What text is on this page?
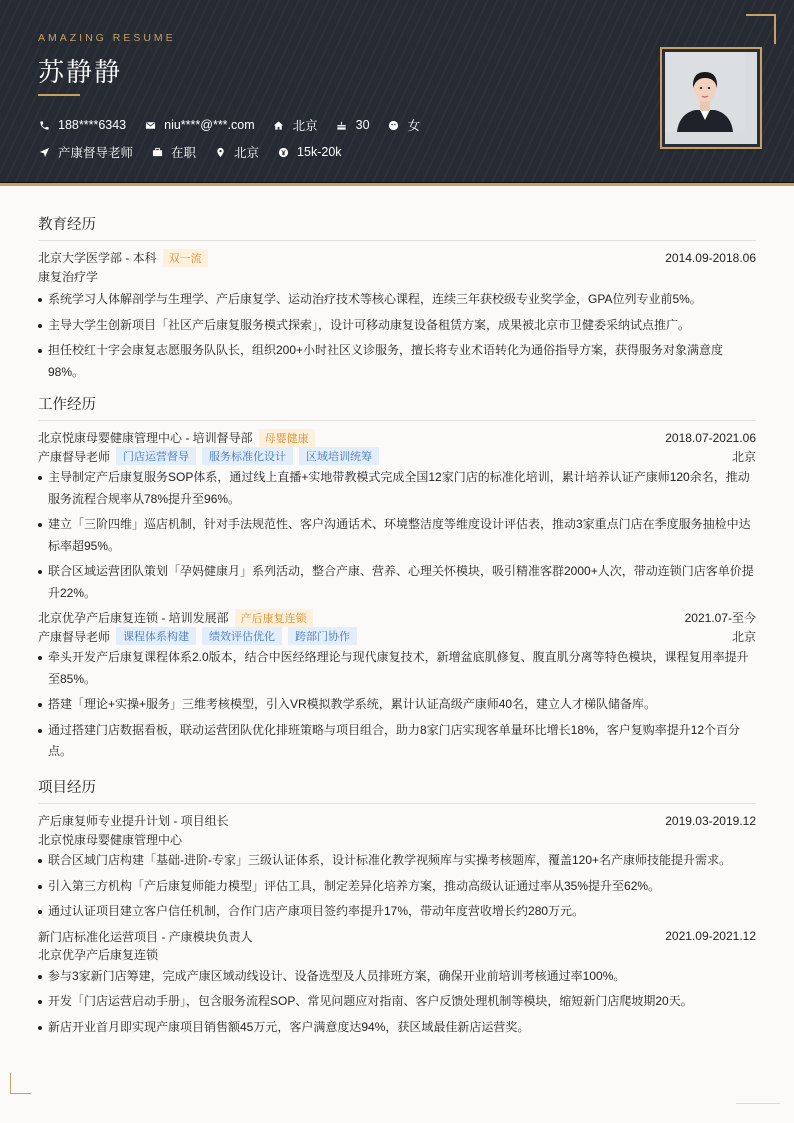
AMAZING RESUME
苏静静
188****6343	niu****@***.com	北京	30	女
产康督导老师	在职	北京	15k-20k
教育经历
北京大学医学部 - 本科	双一流	2014.09-2018.06
康复治疗学
系统学习人体解剖学与生理学、产后康复学、运动治疗技术等核心课程，连续三年获校级专业奖学金，GPA位列专业前5%。
主导大学生创新项目「社区产后康复服务模式探索」，设计可移动康复设备租赁方案，成果被北京市卫健委采纳试点推广。
担任校红十字会康复志愿服务队队长，组织200+小时社区义诊服务，擅长将专业术语转化为通俗指导方案，获得服务对象满意度98%。
工作经历
北京悦康母婴健康管理中心 - 培训督导部	母婴健康	2018.07-2021.06
产康督导老师	门店运营督导	服务标准化设计	区域培训统筹	北京
主导制定产后康复服务SOP体系，通过线上直播+实地带教模式完成全国12家门店的标准化培训，累计培养认证产康师120余名，推动服务流程合规率从78%提升至96%。
建立「三阶四维」巡店机制，针对手法规范性、客户沟通话术、环境整洁度等维度设计评估表，推动3家重点门店在季度服务抽检中达标率超95%。
联合区域运营团队策划「孕妈健康月」系列活动，整合产康、营养、心理关怀模块，吸引精准客群2000+人次，带动连锁门店客单价提升22%。
北京优孕产后康复连锁 - 培训发展部	产后康复连锁	2021.07-至今
产康督导老师	课程体系构建	绩效评估优化	跨部门协作	北京
牵头开发产后康复课程体系2.0版本，结合中医经络理论与现代康复技术，新增盆底肌修复、腹直肌分离等特色模块，课程复用率提升至85%。
搭建「理论+实操+服务」三维考核模型，引入VR模拟教学系统，累计认证高级产康师40名，建立人才梯队储备库。
通过搭建门店数据看板，联动运营团队优化排班策略与项目组合，助力8家门店实现客单量环比增长18%，客户复购率提升12个百分点。
项目经历
产后康复师专业提升计划 - 项目组长	2019.03-2019.12
北京悦康母婴健康管理中心
联合区域门店构建「基础-进阶-专家」三级认证体系，设计标准化教学视频库与实操考核题库，覆盖120+名产康师技能提升需求。
引入第三方机构「产后康复师能力模型」评估工具，制定差异化培养方案，推动高级认证通过率从35%提升至62%。
通过认证项目建立客户信任机制，合作门店产康项目签约率提升17%，带动年度营收增长约280万元。
新门店标准化运营项目 - 产康模块负责人	2021.09-2021.12
北京优孕产后康复连锁
参与3家新门店筹建，完成产康区域动线设计、设备选型及人员排班方案，确保开业前培训考核通过率100%。
开发「门店运营启动手册」，包含服务流程SOP、常见问题应对指南、客户反馈处理机制等模块，缩短新门店爬坡期20天。
新店开业首月即实现产康项目销售额45万元，客户满意度达94%，获区域最佳新店运营奖。
